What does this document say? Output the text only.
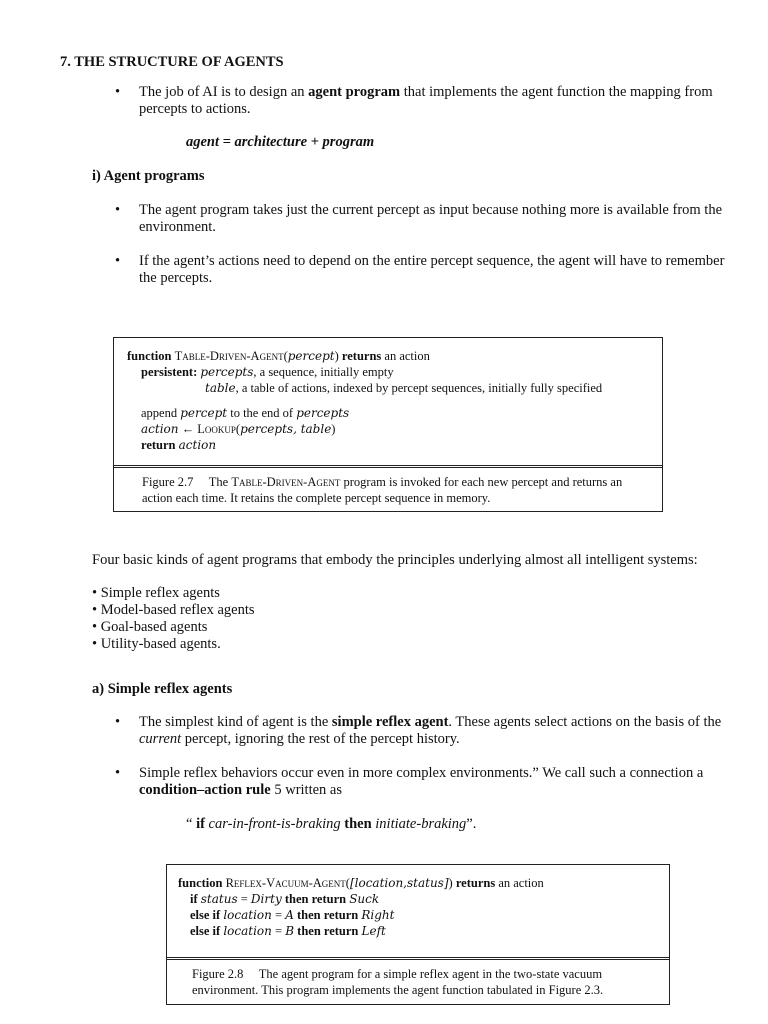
7. THE STRUCTURE OF AGENTS
• The job of AI is to design an agent program that implements the agent function the mapping from percepts to actions.
agent = architecture + program
i) Agent programs
• The agent program takes just the current percept as input because nothing more is available from the environment.
• If the agent’s actions need to depend on the entire percept sequence, the agent will have to remember the percepts.
function Table-Driven-Agent(percept) returns an action
persistent: percepts, a sequence, initially empty
table, a table of actions, indexed by percept sequences, initially fully specified
append percept to the end of percepts
action ← Lookup(percepts, table)
return action
Figure 2.7 The Table-Driven-Agent program is invoked for each new percept and returns an action each time. It retains the complete percept sequence in memory.
Four basic kinds of agent programs that embody the principles underlying almost all intelligent systems:
• Simple reflex agents
• Model-based reflex agents
• Goal-based agents
• Utility-based agents.
a) Simple reflex agents
• The simplest kind of agent is the simple reflex agent. These agents select actions on the basis of the current percept, ignoring the rest of the percept history.
• Simple reflex behaviors occur even in more complex environments.” We call such a connection a condition–action rule 5 written as
“ if car-in-front-is-braking then initiate-braking”.
function Reflex-Vacuum-Agent([location,status]) returns an action
if status = Dirty then return Suck
else if location = A then return Right
else if location = B then return Left
Figure 2.8 The agent program for a simple reflex agent in the two-state vacuum environment. This program implements the agent function tabulated in Figure 2.3.
